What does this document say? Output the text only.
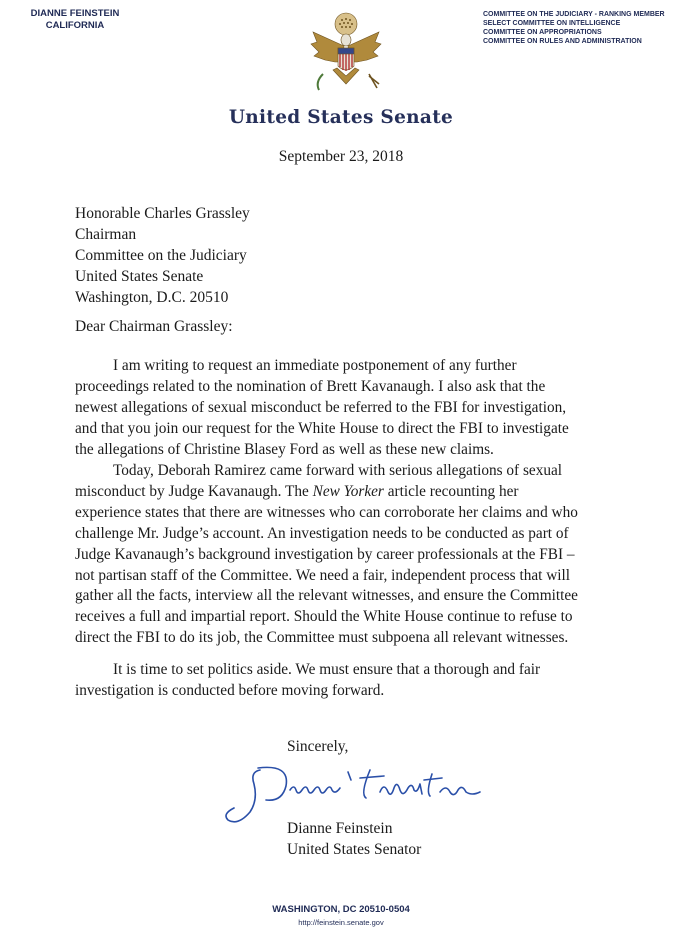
DIANNE FEINSTEIN
CALIFORNIA
COMMITTEE ON THE JUDICIARY - RANKING MEMBER
SELECT COMMITTEE ON INTELLIGENCE
COMMITTEE ON APPROPRIATIONS
COMMITTEE ON RULES AND ADMINISTRATION
United States Senate
September 23, 2018
Honorable Charles Grassley
Chairman
Committee on the Judiciary
United States Senate
Washington, D.C. 20510
Dear Chairman Grassley:
I am writing to request an immediate postponement of any further
proceedings related to the nomination of Brett Kavanaugh. I also ask that the
newest allegations of sexual misconduct be referred to the FBI for investigation,
and that you join our request for the White House to direct the FBI to investigate
the allegations of Christine Blasey Ford as well as these new claims.
Today, Deborah Ramirez came forward with serious allegations of sexual
misconduct by Judge Kavanaugh. The New Yorker article recounting her
experience states that there are witnesses who can corroborate her claims and who
challenge Mr. Judge’s account. An investigation needs to be conducted as part of
Judge Kavanaugh’s background investigation by career professionals at the FBI –
not partisan staff of the Committee. We need a fair, independent process that will
gather all the facts, interview all the relevant witnesses, and ensure the Committee
receives a full and impartial report. Should the White House continue to refuse to
direct the FBI to do its job, the Committee must subpoena all relevant witnesses.
It is time to set politics aside. We must ensure that a thorough and fair
investigation is conducted before moving forward.
Sincerely,
Dianne Feinstein
United States Senator
WASHINGTON, DC 20510-0504
http://feinstein.senate.gov
